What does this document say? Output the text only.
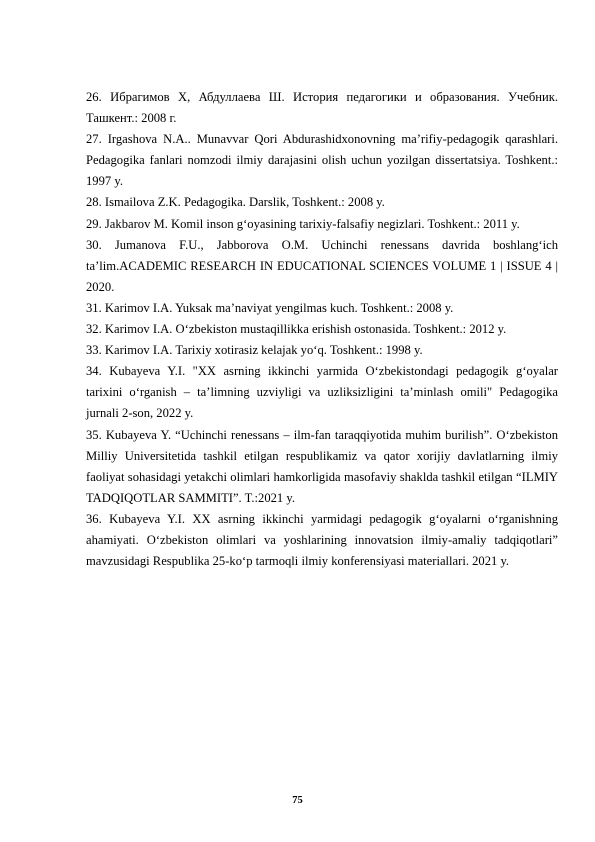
26. Ибрагимов Х, Абдуллаева Ш. История педагогики и образования. Учебник. Ташкент.: 2008 г.
27. Irgashova N.A.. Munavvar Qori Abdurashidxonovning ma’rifiy-pedagogik qarashlari. Pedagogika fanlari nomzodi ilmiy darajasini olish uchun yozilgan dissertatsiya. Toshkent.: 1997 y.
28. Ismailova Z.K. Pedagogika. Darslik, Toshkent.: 2008 y.
29. Jakbarov M. Komil inson g‘oyasining tarixiy-falsafiy negizlari. Toshkent.: 2011 y.
30. Jumanova F.U., Jabborova O.M. Uchinchi renessans davrida boshlang‘ich ta’lim.ACADEMIC RESEARCH IN EDUCATIONAL SCIENCES VOLUME 1 | ISSUE 4 | 2020.
31. Karimov I.A. Yuksak ma’naviyat yengilmas kuch. Toshkent.: 2008 y.
32. Karimov I.A. O‘zbekiston mustaqillikka erishish ostonasida. Toshkent.: 2012 y.
33. Karimov I.A. Tarixiy xotirasiz kelajak yo‘q. Toshkent.: 1998 y.
34. Kubayeva Y.I. "XX asrning ikkinchi yarmida O‘zbekistondagi pedagogik g‘oyalar tarixini o‘rganish – ta’limning uzviyligi va uzliksizligini ta’minlash omili" Pedagogika jurnali 2-son, 2022 y.
35. Kubayeva Y. “Uchinchi renessans – ilm-fan taraqqiyotida muhim burilish”. O‘zbekiston Milliy Universitetida tashkil etilgan respublikamiz va qator xorijiy davlatlarning ilmiy faoliyat sohasidagi yetakchi olimlari hamkorligida masofaviy shaklda tashkil etilgan “ILMIY TADQIQOTLAR SAMMITI”. T.:2021 y.
36. Kubayeva Y.I. XX asrning ikkinchi yarmidagi pedagogik g‘oyalarni o‘rganishning ahamiyati. O‘zbekiston olimlari va yoshlarining innovatsion ilmiy-amaliy tadqiqotlari” mavzusidagi Respublika 25-ko‘p tarmoqli ilmiy konferensiyasi materiallari. 2021 y.
75
